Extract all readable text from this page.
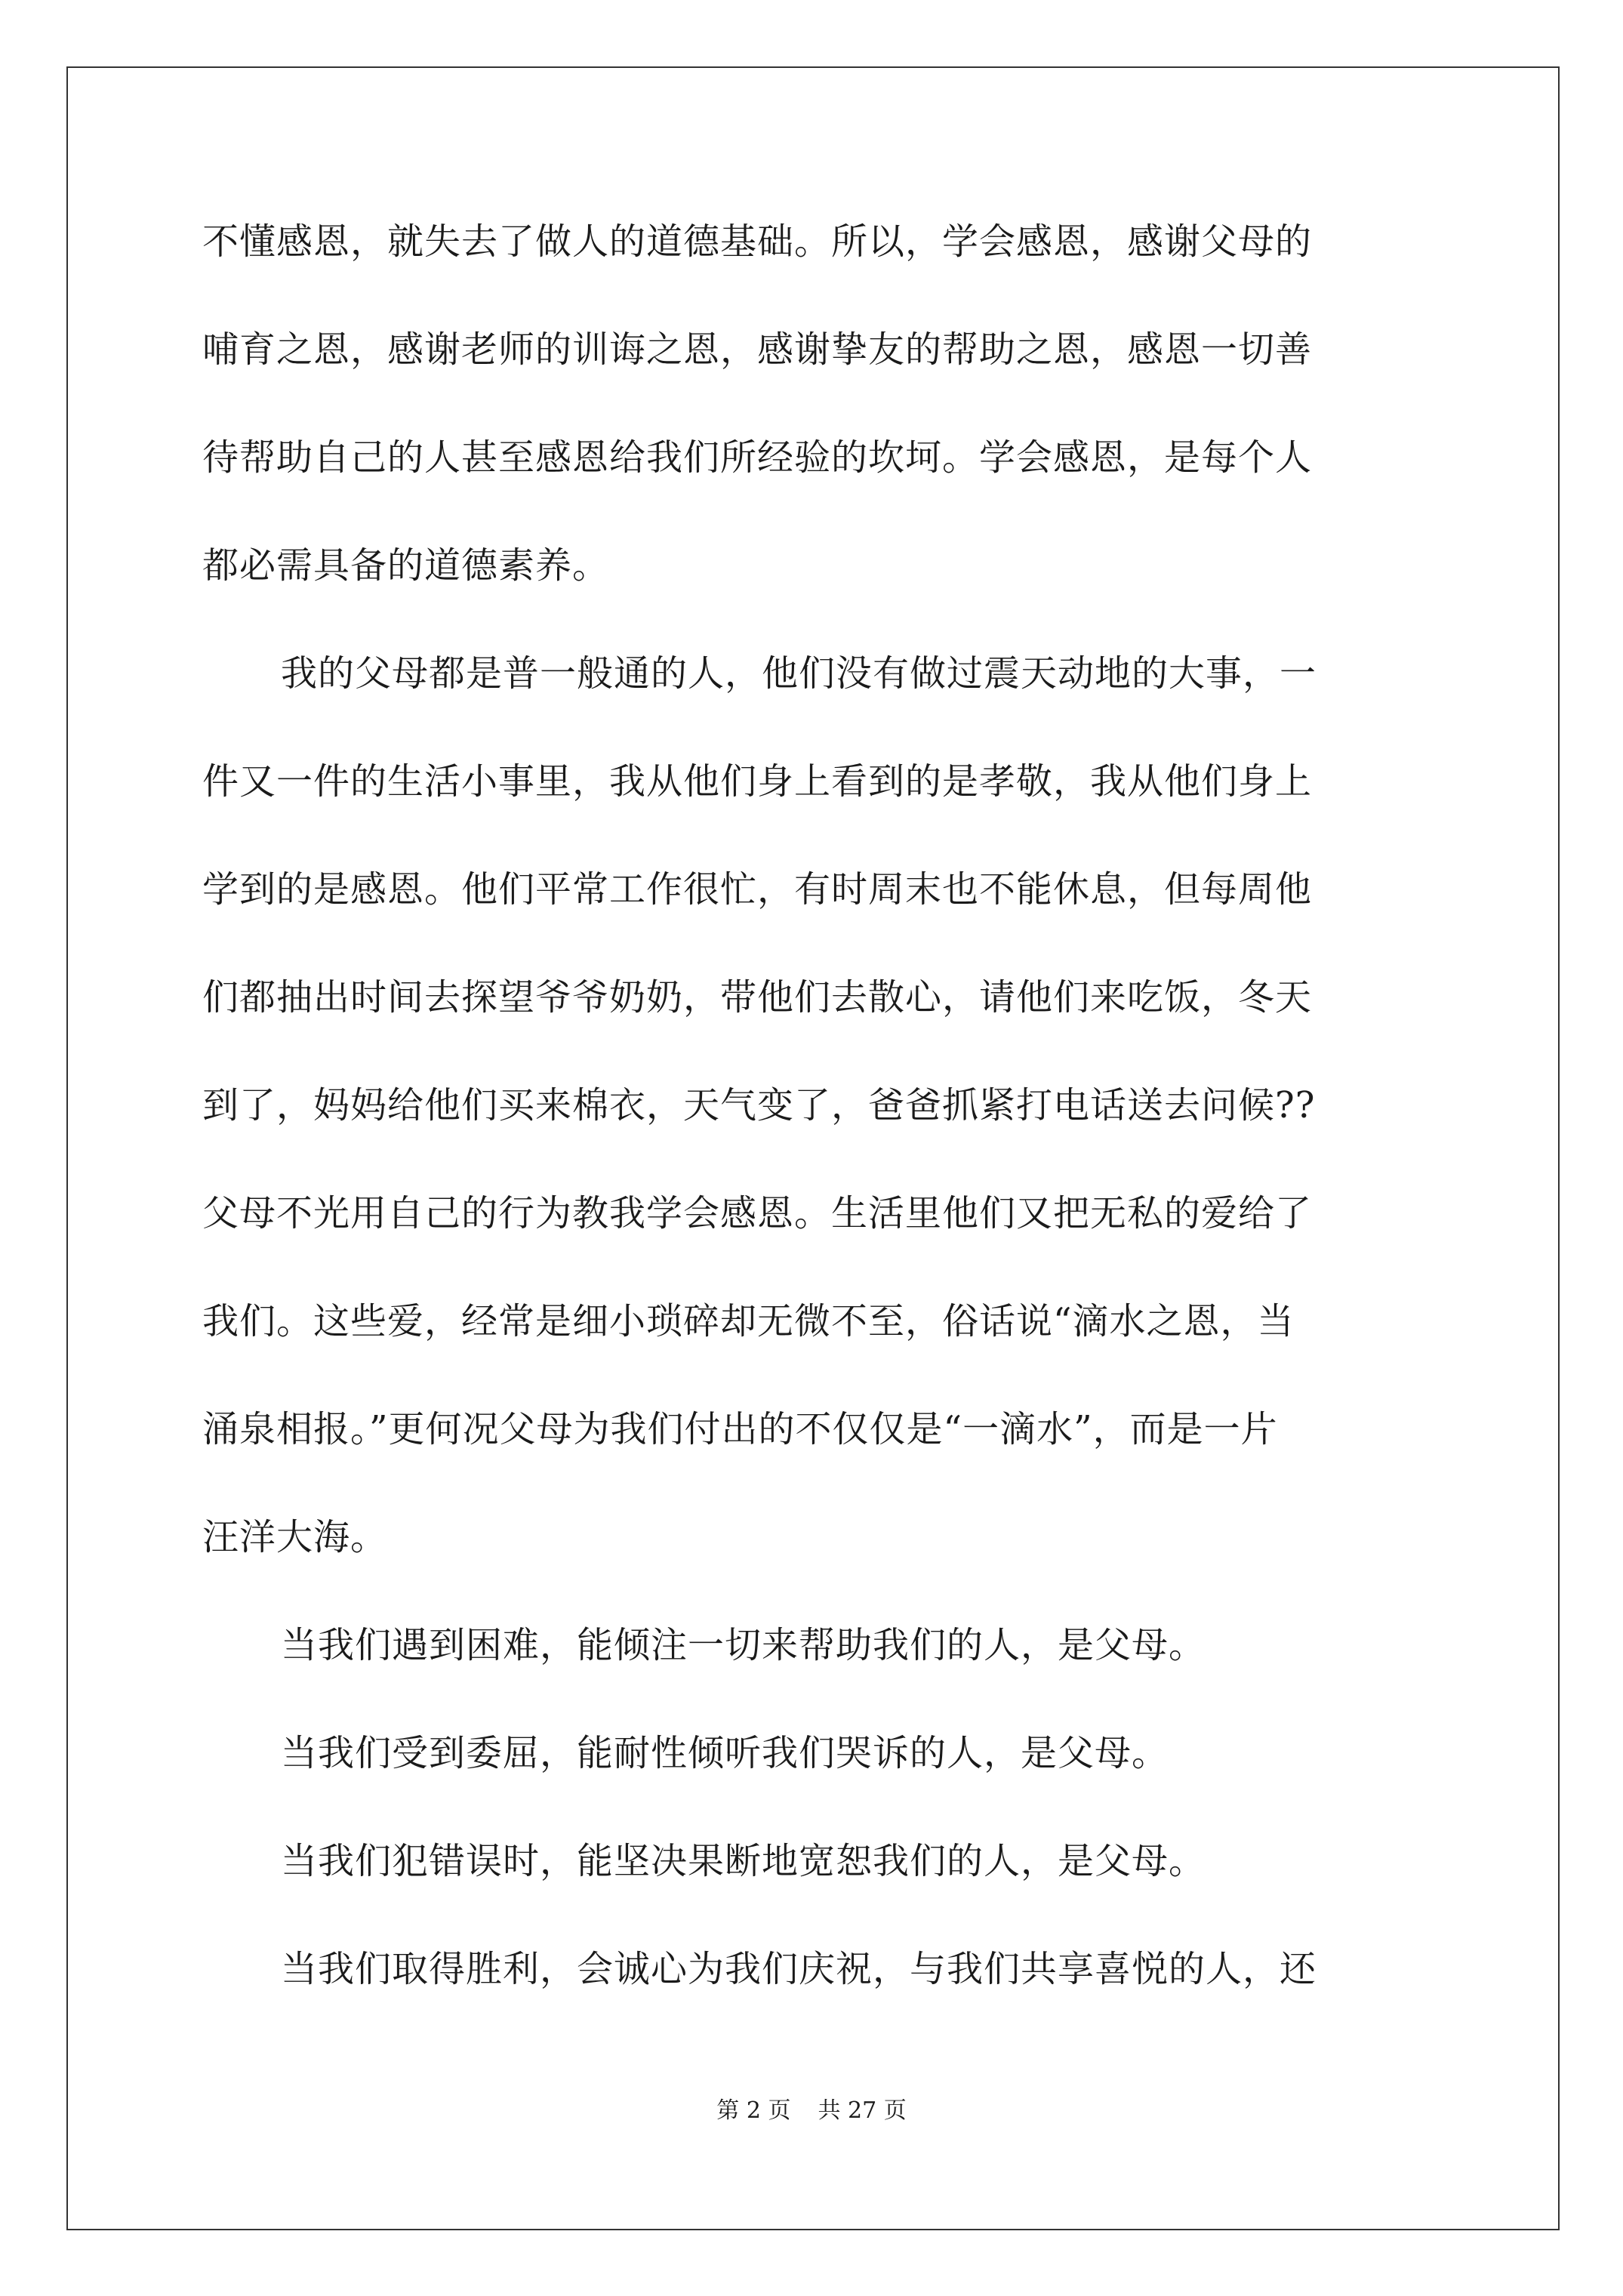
不懂感恩，就失去了做人的道德基础。所以，学会感恩，感谢父母的
哺育之恩，感谢老师的训诲之恩，感谢挚友的帮助之恩，感恩一切善
待帮助自己的人甚至感恩给我们所经验的坎坷。学会感恩，是每个人
都必需具备的道德素养。
我的父母都是普一般通的人，他们没有做过震天动地的大事，一
件又一件的生活小事里，我从他们身上看到的是孝敬，我从他们身上
学到的是感恩。他们平常工作很忙，有时周末也不能休息，但每周他
们都抽出时间去探望爷爷奶奶，带他们去散心，请他们来吃饭，冬天
到了，妈妈给他们买来棉衣，天气变了，爸爸抓紧打电话送去问候??
父母不光用自己的行为教我学会感恩。生活里他们又把无私的爱给了
我们。这些爱，经常是细小琐碎却无微不至，俗话说“滴水之恩，当
涌泉相报。”更何况父母为我们付出的不仅仅是“一滴水”，而是一片
汪洋大海。
当我们遇到困难，能倾注一切来帮助我们的人，是父母。
当我们受到委屈，能耐性倾听我们哭诉的人，是父母。
当我们犯错误时，能坚决果断地宽恕我们的人，是父母。
当我们取得胜利，会诚心为我们庆祝，与我们共享喜悦的人，还
第 2 页 共 27 页
